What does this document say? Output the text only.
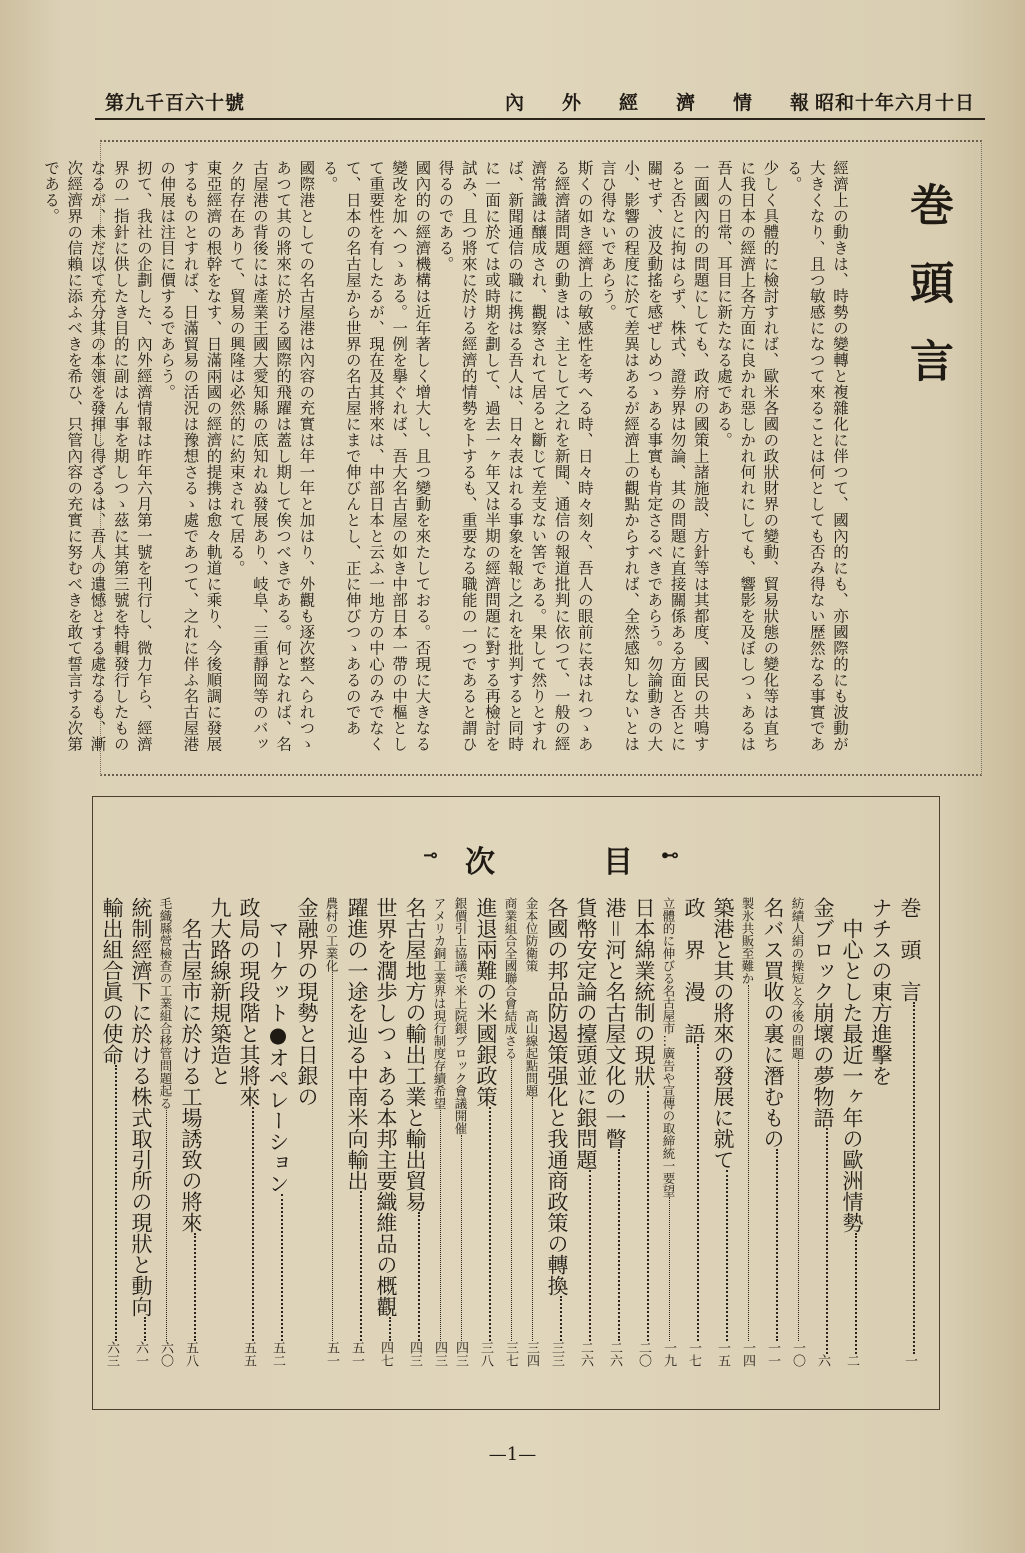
號十六百千九第	報情濟經外內
日十月六年十和昭
巻頭言

經濟上の動きは、時勢の變轉と複雜化に伴つて、國內的にも、亦國際的にも波動が大きくなり、且つ敏感になつて來ることは何としても否み得ない歷然なる事實である。

少しく具體的に檢討すれば、歐米各國の政狀財界の變動、貿易狀態の變化等は直ちに我日本の經濟上各方面に良かれ惡しかれ何れにしても、響影を及ぼしつゝあるは吾人の日常、耳目に新たなる處である。

一面國內的の問題にしても、政府の國策上諸施設、方針等は其都度、國民の共鳴すると否とに拘はらず、株式、證券界は勿論、其の問題に直接關係ある方面と否とに關せず、波及動搖を感ぜしめつゝある事實も肯定さるべきであらう。勿論動きの大小、影響の程度に於て差異はあるが經濟上の觀點からすれば、全然感知しないとは言ひ得ないであらう。

斯くの如き經濟上の敏感性を考へる時、日々時々刻々、吾人の眼前に表はれつゝある經濟諸問題の動きは、主として之れを新聞、通信の報道批判に依つて、一般の經濟常識は釀成され、觀察されて居ると斷じて差支ない筈である。果して然りとすれば、新聞通信の職に携はる吾人は、日々表はれる事象を報じ之れを批判すると同時に一面に於ては或時期を劃して、過去一ヶ年又は半期の經濟問題に對する再檢討を試み、且つ將來に於ける經濟的情勢をトするも、重要なる職能の一つであると謂ひ得るのである。

國內的の經濟機構は近年著しく增大し、且つ變動を來たしておる。否現に大きなる變改を加へつゝある。一例を擧ぐれば、吾大名古屋の如き中部日本一帶の中樞として重要性を有したるが、現在及其將來は、中部日本と云ふ一地方の中心のみでなくて、日本の名古屋から世界の名古屋にまで伸びんとし、正に伸びつゝあるのである。

國際港としての名古屋港は內容の充實は年一年と加はり、外觀も逐次整へられつゝあつて其の將來に於ける國際的飛躍は蓋し期して俟つべきである。何となれば、名古屋港の背後には產業王國大愛知縣の底知れぬ發展あり、岐阜、三重靜岡等のバック的存在ありて、貿易の興隆は必然的に約束されて居る。

東亞經濟の根幹をなす、日滿兩國の經濟的提携は愈々軌道に乘り、今後順調に發展するものとすれば、日滿貿易の活況は豫想さるゝ處であつて、之れに伴ふ名古屋港の伸展は注目に價するであらう。

扨て、我社の企劃した、內外經濟情報は昨年六月第一號を刊行し、微力乍ら、經濟界の一指針に供したき目的に副はん事を期しつゝ茲に其第三號を特輯發行したものなるが、未だ以て充分其の本領を發揮し得ざるは、吾人の遺憾とする處なるも、漸次經濟界の信賴に添ふべきを希ひ、只管內容の充實に努むべきを敢て誓言する次第である。

⊸ 次	目 ⊷
巻　頭　言
一
ナチスの東方進擊を
　中心とした最近一ヶ年の歐洲情勢
二
金ブロック崩壞の夢物語
六
紡績人絹の操短と今後の問題
一〇
名バス買收の裏に潛むもの
一一
製氷共販至難か
一四
築港と其の將來の發展に就て
一五
政　界　漫　語
一七
立體的に伸びる名古屋市…廣告や宣傳の取締統一要望
一九
日本綿業統制の現狀
二〇
港＝河と名古屋文化の一瞥
二六
貨幣安定論の擡頭並に銀問題
二六
各國の邦品防遏策强化と我通商政策の轉換
三三
金本位防衛策　　　高山線起點問題
三四
商業組合全國聯合會結成さる
三七
進退兩難の米國銀政策
三八
銀價引上協議で米上院銀ブロック會議開催
四三
アメリカ銅工業界は現行制度存續希望
四三
名古屋地方の輸出工業と輸出貿易
四三
世界を濶歩しつゝある本邦主要織維品の概觀
四七
躍進の一途を辿る中南米向輸出
五一
農村の工業化
五一
金融界の現勢と日銀の
　マーケット●オペレーション
五二
政局の現段階と其將來
五五
九大路線新規築造と
　名古屋市に於ける工場誘致の將來
五八
毛織縣營檢查の工業組合移管問題起る
六〇
統制經濟下に於ける株式取引所の現狀と動向
六一
輸出組合眞の使命
六三
—1—
